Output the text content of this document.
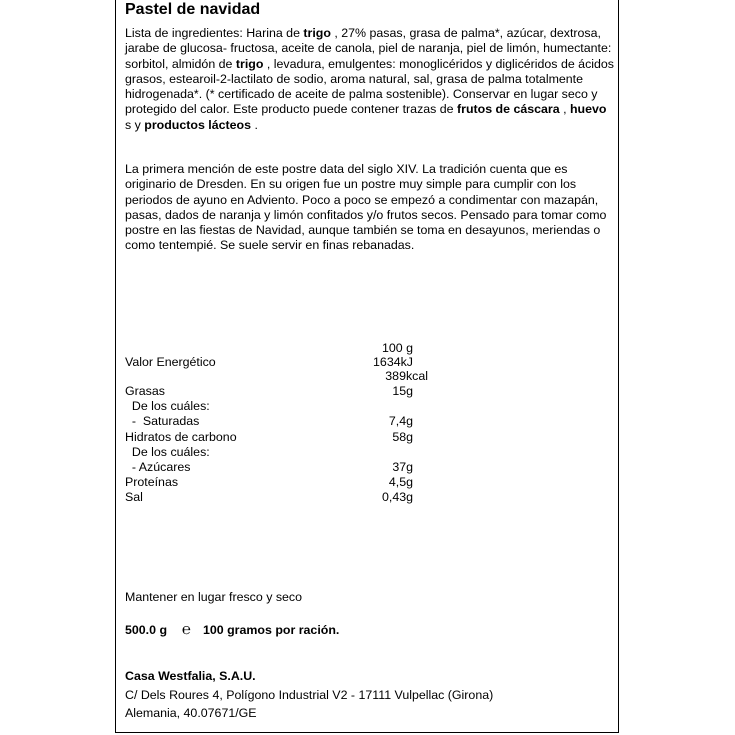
Pastel de navidad
Lista de ingredientes: Harina de trigo , 27% pasas, grasa de palma*, azúcar, dextrosa, jarabe de glucosa- fructosa, aceite de canola, piel de naranja, piel de limón, humectante: sorbitol, almidón de trigo , levadura, emulgentes: monoglicéridos y diglicéridos de ácidos grasos, estearoil-2-lactilato de sodio, aroma natural, sal, grasa de palma totalmente hidrogenada*. (* certificado de aceite de palma sostenible). Conservar en lugar seco y protegido del calor. Este producto puede contener trazas de frutos de cáscara , huevo s y productos lácteos .
La primera mención de este postre data del siglo XIV. La tradición cuenta que es originario de Dresden. En su origen fue un postre muy simple para cumplir con los periodos de ayuno en Adviento. Poco a poco se empezó a condimentar con mazapán, pasas, dados de naranja y limón confitados y/o frutos secos. Pensado para tomar como postre en las fiestas de Navidad, aunque también se toma en desayunos, meriendas o como tentempié. Se suele servir en finas rebanadas.
100 g
Valor Energético	1634kJ
389kcal
Grasas	15g
De los cuáles:
-  Saturadas	7,4g
Hidratos de carbono	58g
De los cuáles:
- Azúcares	37g
Proteínas	4,5g
Sal	0,43g
Mantener en lugar fresco y seco
500.0 g ℮ 100 gramos por ración.
Casa Westfalia, S.A.U.
C/ Dels Roures 4, Polígono Industrial V2 - 17111 Vulpellac (Girona)
Alemania, 40.07671/GE
